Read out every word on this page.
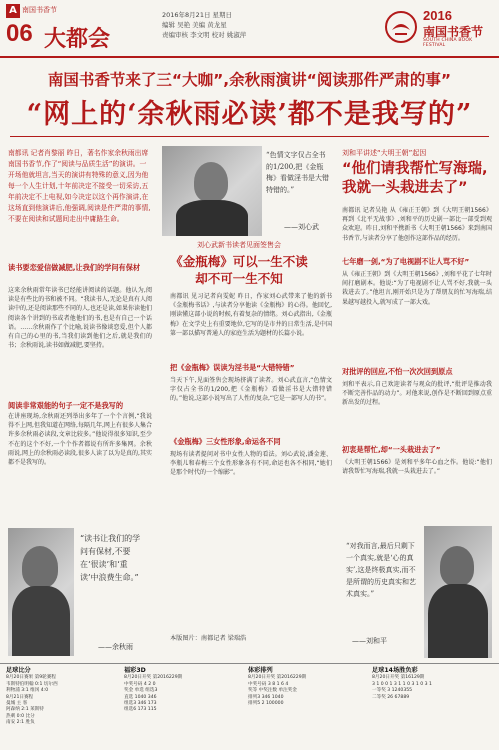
A 南国书香节
06 大都会
2016年8月21日 星期日
编辑 吴艳 美编 黄龙星
责编审核 李文明 校对 姚淑萍
2016
南国书香节
SOUTH CHINA BOOK FESTIVAL
南国书香节来了三“大咖”,余秋雨演讲“阅读那件严肃的事”
“网上的‘余秋雨必读’都不是我写的”
南都讯 记者肖黎丽 昨日，著名作家余秋雨出席南国书香节,作了“阅读与品质生活”的演讲。一开场他就坦言,当天的演讲有特殊的意义,因为他每一个人生计划,十年前决定不接受一切采访,五年前决定不上电视,如今决定以这个再作演讲,在这场直到他演讲后,他强调,阅读是件严肃的事情,不要在阅读和试题间走出中庸路生命。
读书要恋爱信做减肥,让我们的学问有保材
这来余秋雨常年读书已经能讲阅读的话题。他认为,阅读是有些比的书和被不同。“我读书人,无论是真有人阅读中的,还是阅读那些不同的人,也还是读,如果你读他们阅读各个讲到的书或者他他们的书,也是有自己一个话语。……余秋雨作了个比喻,说读书像谈恋爱,但个人都有自己的心里的书,当我们读到他们之后,就是我们的书；余秋雨说,读书如做减肥,要坚持。
阅读非常艰能的句子一定不是我写的
在讲座现场,余秋雨还列举出多年了一个个言例,“我说得不上网,但我知道在网络,每隔几年,网上有很多人集合许多余秋雨必读段,文章比较多。”他说得很多知识,至少不在的这个不好,一个个作者都说有所许多集网。余秋雨说,网上的余秋雨必读段,很多人读了以为是真的,其实都不是我写的。
“读书让我们的学问有保材,不要在‘很读’和‘重读’中浪费生命。”
——余秋雨
“色情文字仅占全书的1/200,把《金瓶梅》看做淫书是大错特错的。”
——刘心武
刘心武新书读者见面签售会
《金瓶梅》可以一生不读却不可一生不知
南都讯 见习记者向雯妮 昨日，作家刘心武带来了他的新书《金瓶梅书话》,与读者分享他读《金瓶梅》的心得。他回忆,刚读懂这部小说的时候,有着复杂的情绪。刘心武指出,《金瓶梅》在文学史上有重要地位,它写的是市井的日常生活,是中国第一部以描写普通人的家庭生活为题材的长篇小说。
把《金瓶梅》误读为淫书是“大错特错”
当天下午,见面签售会现场挤满了读者。刘心武直言,“色情文字仅占全书的1/200,把《金瓶梅》看做淫书是大错特错的。”他说,这部小说写出了人性的复杂,“它是一部写人的书”。
《金瓶梅》三女性形象,命运各不同
现场有读者提问对书中女性人物的看法。刘心武说,潘金莲、李瓶儿和春梅三个女性形象各有不同,命运也各不相同,“她们是那个时代的一个缩影”。
本版图片：南都记者 梁瑞浩
刘和平讲述“大明王朝”起因
“他们请我帮忙写海瑞,我就一头栽进去了”
南都讯 记者吴艳 从《雍正王朝》到《大明王朝1566》再到《北平无战事》,刘和平的历史剧一部比一部受到观众欢迎。昨日,刘和平携新书《大明王朝1566》来到南国书香节,与读者分享了他创作这部作品的经历。
七年磨一剑,“为了电视剧不让人骂不好”
从《雍正王朝》到《大明王朝1566》,刘和平花了七年时间打磨剧本。他说:“为了电视剧不让人骂不好,我就一头栽进去了。”他坦言,刚开始只是为了帮朋友的忙写海瑞,结果越写越投入,就写成了一部大戏。
对批评的回应,不怕一次次回到原点
刘和平表示,自己欢迎读者与观众的批评,“批评是推动我不断完善作品的动力”。对他来说,创作是不断回到原点重新出发的过程。
初衷是帮忙,却“一头栽进去了”
《大明王朝1566》是刘和平多年心血之作。他说:“他们请我帮忙写海瑞,我就一头栽进去了。”
“对我而言,最后只剩下一个真实,就是‘心的真实’,这是终极真实,而不是所谓的历史真实和艺术真实。”
——刘和平
足球比分
8月20日赛果 第9轮赛程
韦斯特伯明翰 0:1 切尔西
利物浦 3:1 维冈 4:0
8月21日赛程
曼城 主 客
阿森纳 2:1 莱斯特
热刺 0:0 比分
南安 2:1 胜负
福彩3D
8月20日开奖 第2016229期
中奖号码 4 2 0
奖金 单选 组选3
直选 1040 346
组选3 346 173
组选6 173 115
体彩排列
8月20日开奖 第2016229期
中奖号码 3 8 1 6 4
奖等 中奖注数 单注奖金
排列3 346 1040
排列5 2 100000
足球14场胜负彩
8月20日开奖 第16129期
3 1 0 0 1 3 1 1 0 3 1 0 3 1
一等奖 3 1240355
二等奖 26 67889
